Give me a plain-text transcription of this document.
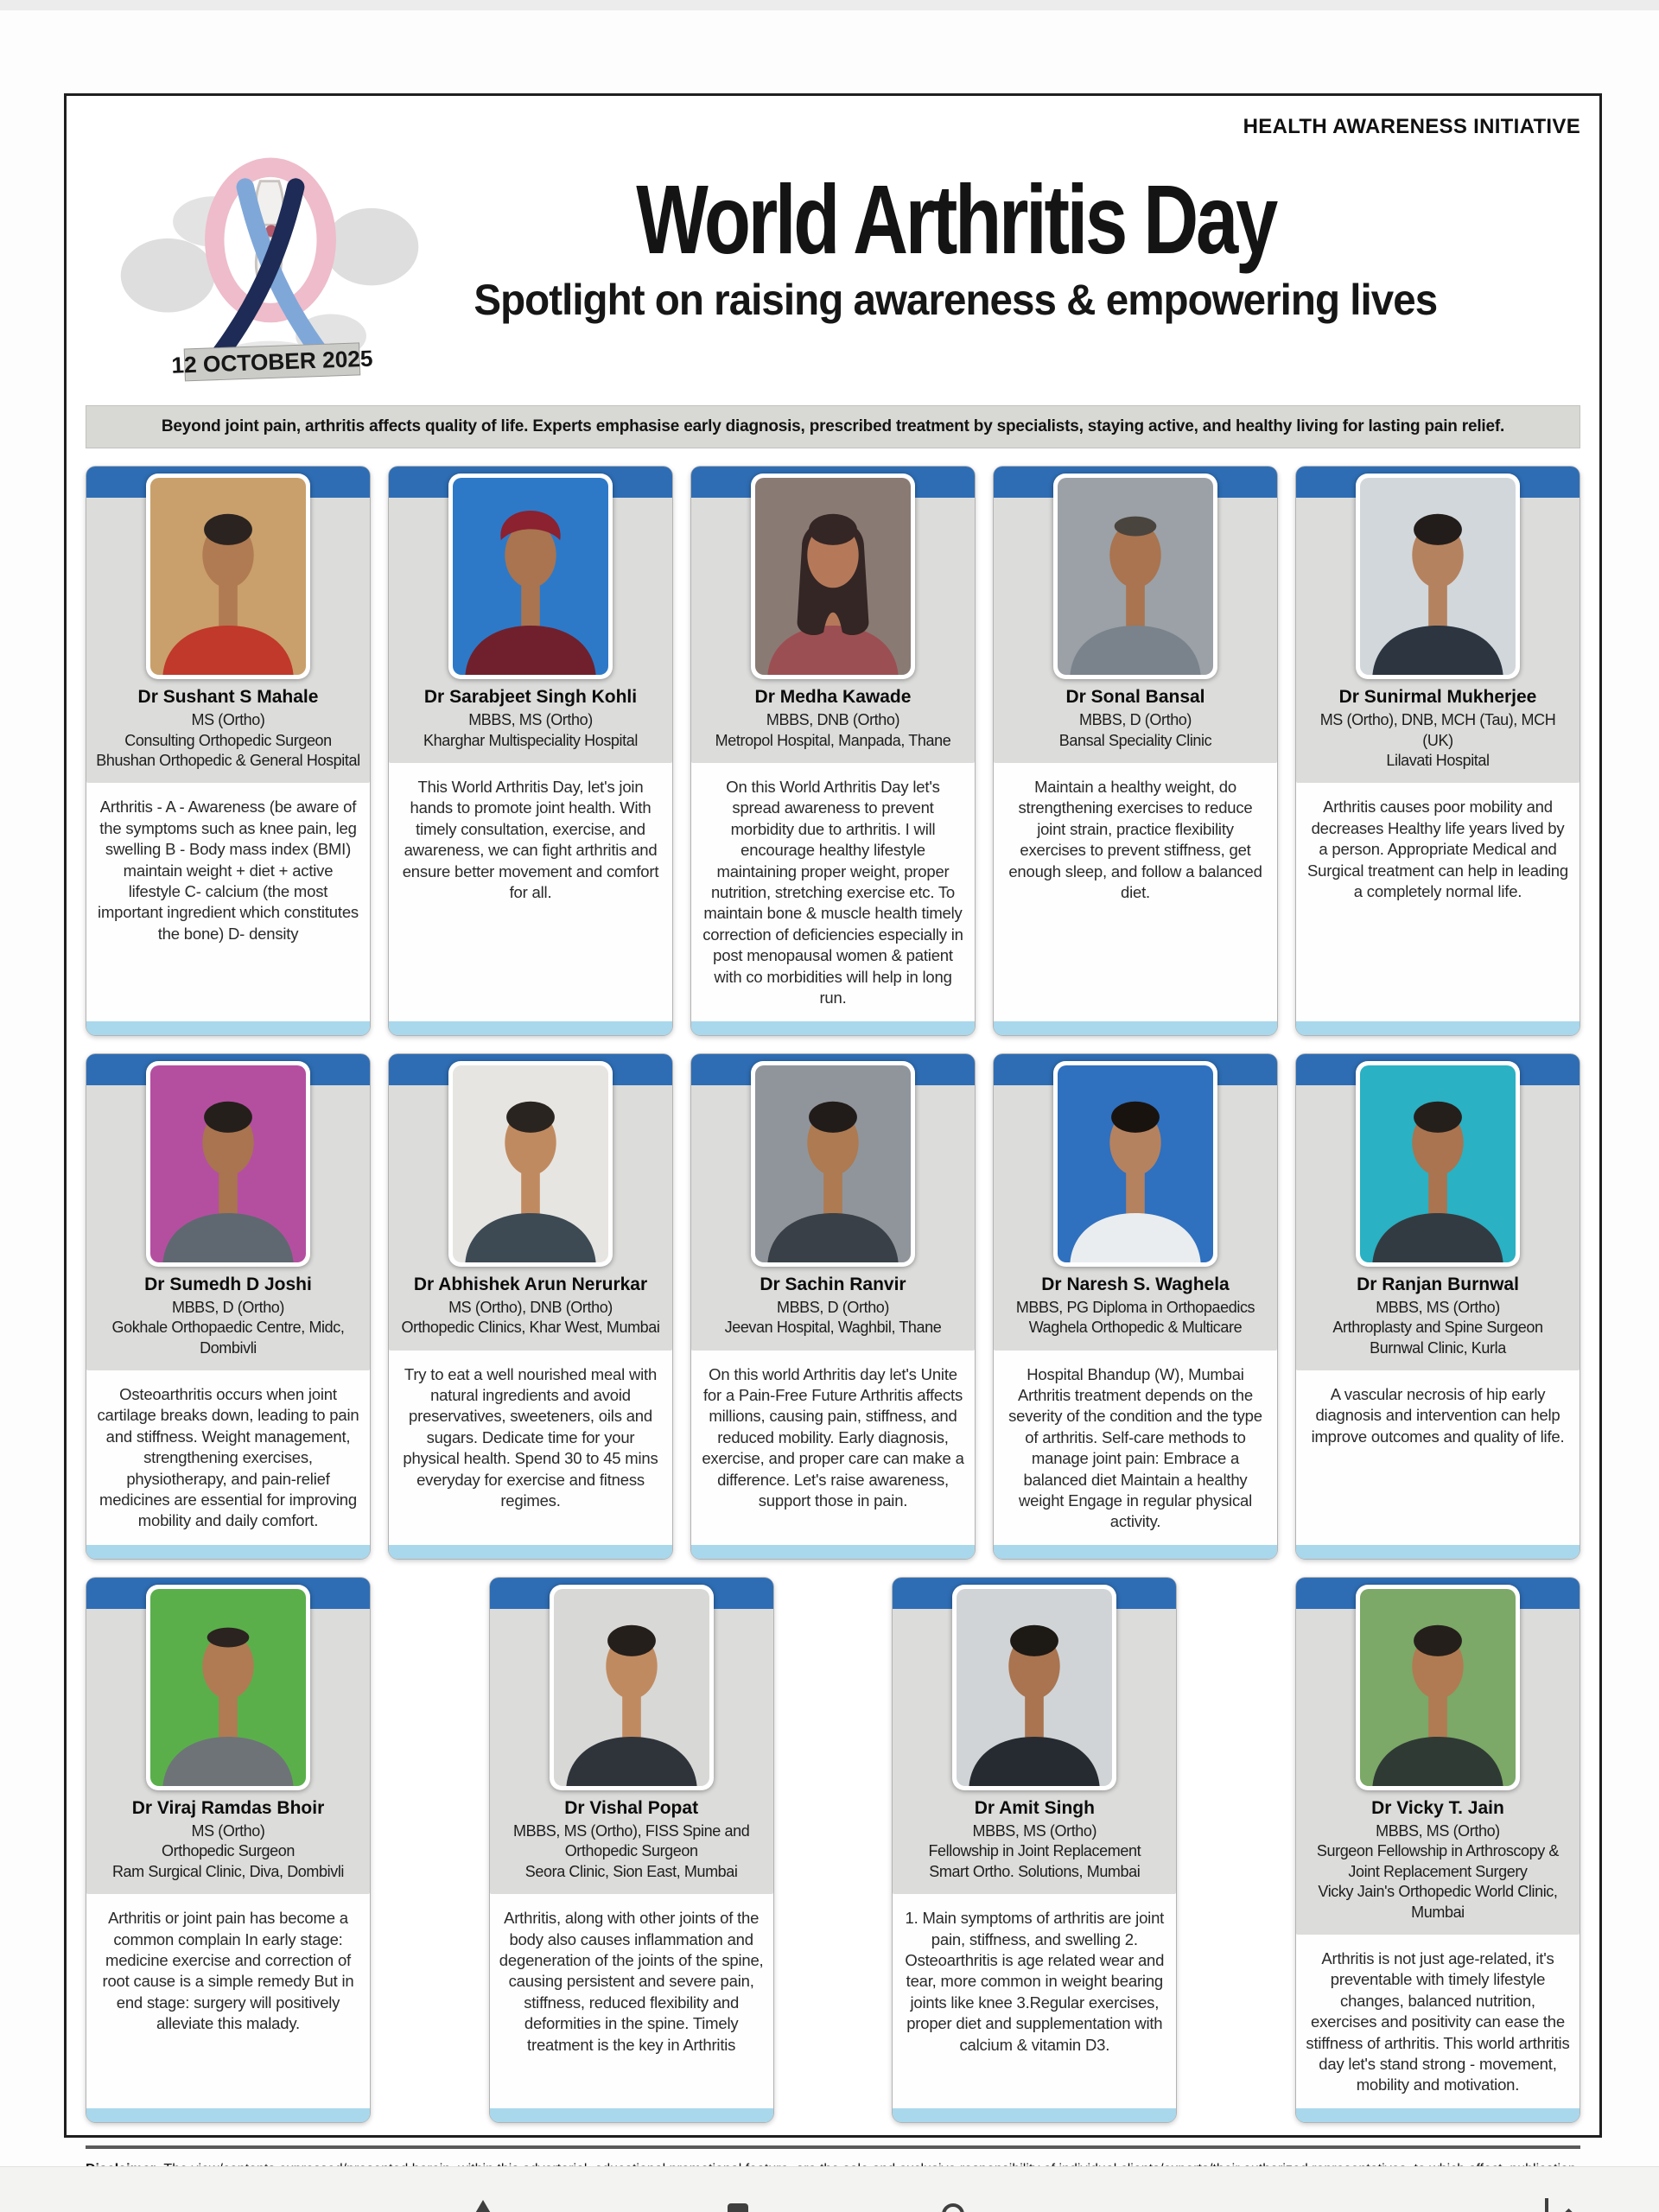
HEALTH AWARENESS INITIATIVE
12 OCTOBER 2025
World Arthritis Day
Spotlight on raising awareness & empowering lives
Beyond joint pain, arthritis affects quality of life. Experts emphasise early diagnosis, prescribed treatment by specialists, staying active, and healthy living for lasting pain relief.
Dr Sushant S Mahale
MS (Ortho)
Consulting Orthopedic Surgeon
Bhushan Orthopedic & General Hospital
Arthritis - A - Awareness (be aware of the symptoms such as knee pain, leg swelling B - Body mass index (BMI) maintain weight + diet + active lifestyle C- calcium (the most important ingredient which constitutes the bone) D- density
Dr Sarabjeet Singh Kohli
MBBS, MS (Ortho)
Kharghar Multispeciality Hospital
This World Arthritis Day, let's join hands to promote joint health. With timely consultation, exercise, and awareness, we can fight arthritis and ensure better movement and comfort for all.
Dr Medha Kawade
MBBS, DNB (Ortho)
Metropol Hospital, Manpada, Thane
On this World Arthritis Day let's spread awareness to prevent morbidity due to arthritis. I will encourage healthy lifestyle maintaining proper weight, proper nutrition, stretching exercise etc. To maintain bone & muscle health timely correction of deficiencies especially in post menopausal women & patient with co morbidities will help in long run.
Dr Sonal Bansal
MBBS, D (Ortho)
Bansal Speciality Clinic
Maintain a healthy weight, do strengthening exercises to reduce joint strain, practice flexibility exercises to prevent stiffness, get enough sleep, and follow a balanced diet.
Dr Sunirmal Mukherjee
MS (Ortho), DNB, MCH (Tau), MCH (UK)
Lilavati Hospital
Arthritis causes poor mobility and decreases Healthy life years lived by a person. Appropriate Medical and Surgical treatment can help in leading a completely normal life.
Dr Sumedh D Joshi
MBBS, D (Ortho)
Gokhale Orthopaedic Centre, Midc, Dombivli
Osteoarthritis occurs when joint cartilage breaks down, leading to pain and stiffness. Weight management, strengthening exercises, physiotherapy, and pain-relief medicines are essential for improving mobility and daily comfort.
Dr Abhishek Arun Nerurkar
MS (Ortho), DNB (Ortho)
Orthopedic Clinics, Khar West, Mumbai
Try to eat a well nourished meal with natural ingredients and avoid preservatives, sweeteners, oils and sugars. Dedicate time for your physical health. Spend 30 to 45 mins everyday for exercise and fitness regimes.
Dr Sachin Ranvir
MBBS, D (Ortho)
Jeevan Hospital, Waghbil, Thane
On this world Arthritis day let's Unite for a Pain-Free Future Arthritis affects millions, causing pain, stiffness, and reduced mobility. Early diagnosis, exercise, and proper care can make a difference. Let's raise awareness, support those in pain.
Dr Naresh S. Waghela
MBBS, PG Diploma in Orthopaedics
Waghela Orthopedic & Multicare
Hospital Bhandup (W), Mumbai Arthritis treatment depends on the severity of the condition and the type of arthritis. Self-care methods to manage joint pain: Embrace a balanced diet Maintain a healthy weight Engage in regular physical activity.
Dr Ranjan Burnwal
MBBS, MS (Ortho)
Arthroplasty and Spine Surgeon
Burnwal Clinic, Kurla
A vascular necrosis of hip early diagnosis and intervention can help improve outcomes and quality of life.
Dr Viraj Ramdas Bhoir
MS (Ortho)
Orthopedic Surgeon
Ram Surgical Clinic, Diva, Dombivli
Arthritis or joint pain has become a common complain In early stage: medicine exercise and correction of root cause is a simple remedy But in end stage: surgery will positively alleviate this malady.
Dr Vishal Popat
MBBS, MS (Ortho), FISS Spine and Orthopedic Surgeon
Seora Clinic, Sion East, Mumbai
Arthritis, along with other joints of the body also causes inflammation and degeneration of the joints of the spine, causing persistent and severe pain, stiffness, reduced flexibility and deformities in the spine. Timely treatment is the key in Arthritis
Dr Amit Singh
MBBS, MS (Ortho)
Fellowship in Joint Replacement
Smart Ortho. Solutions, Mumbai
1. Main symptoms of arthritis are joint pain, stiffness, and swelling 2. Osteoarthritis is age related wear and tear, more common in weight bearing joints like knee 3.Regular exercises, proper diet and supplementation with calcium & vitamin D3.
Dr Vicky T. Jain
MBBS, MS (Ortho)
Surgeon Fellowship in Arthroscopy & Joint Replacement Surgery
Vicky Jain's Orthopedic World Clinic, Mumbai
Arthritis is not just age-related, it's preventable with timely lifestyle changes, balanced nutrition, exercises and positivity can ease the stiffness of arthritis. This world arthritis day let's stand strong - movement, mobility and motivation.
